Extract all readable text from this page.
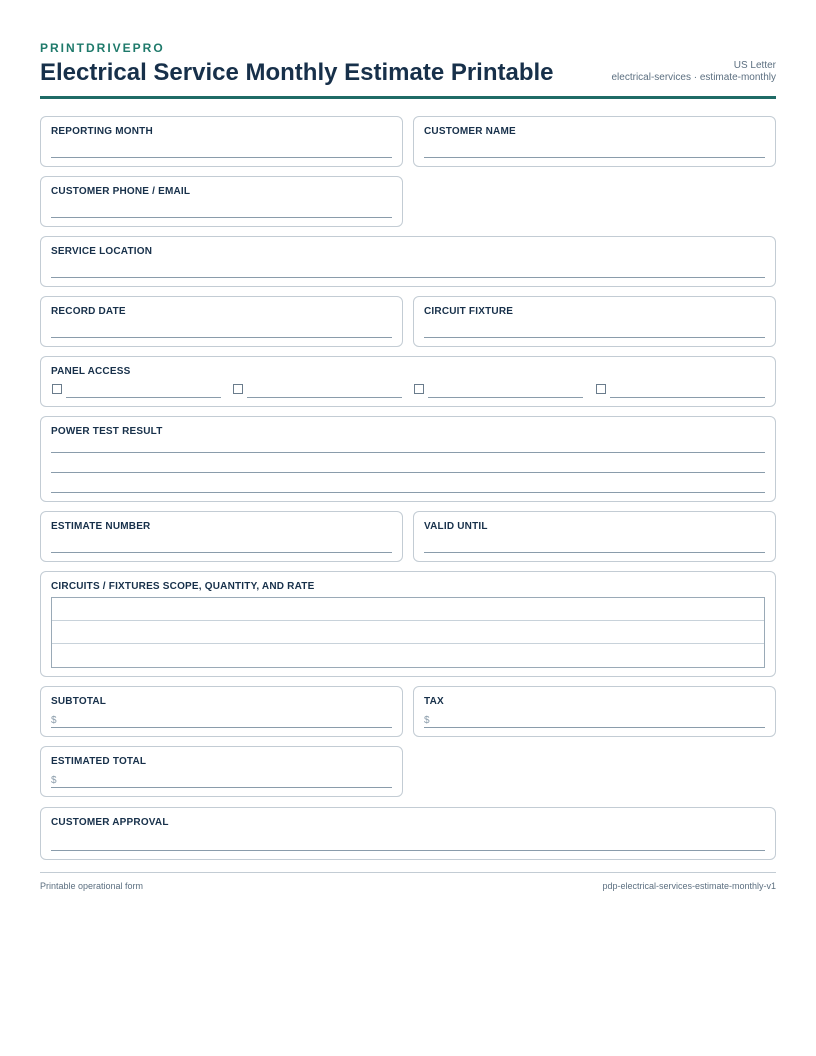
PRINTDRIVEPRO
Electrical Service Monthly Estimate Printable	US Letter
electrical-services · estimate-monthly
REPORTING MONTH	CUSTOMER NAME
CUSTOMER PHONE / EMAIL
SERVICE LOCATION
RECORD DATE	CIRCUIT FIXTURE
PANEL ACCESS
POWER TEST RESULT
ESTIMATE NUMBER	VALID UNTIL
CIRCUITS / FIXTURES SCOPE, QUANTITY, AND RATE
SUBTOTAL
$
TAX
$
ESTIMATED TOTAL
$
CUSTOMER APPROVAL
Printable operational form	pdp-electrical-services-estimate-monthly-v1
